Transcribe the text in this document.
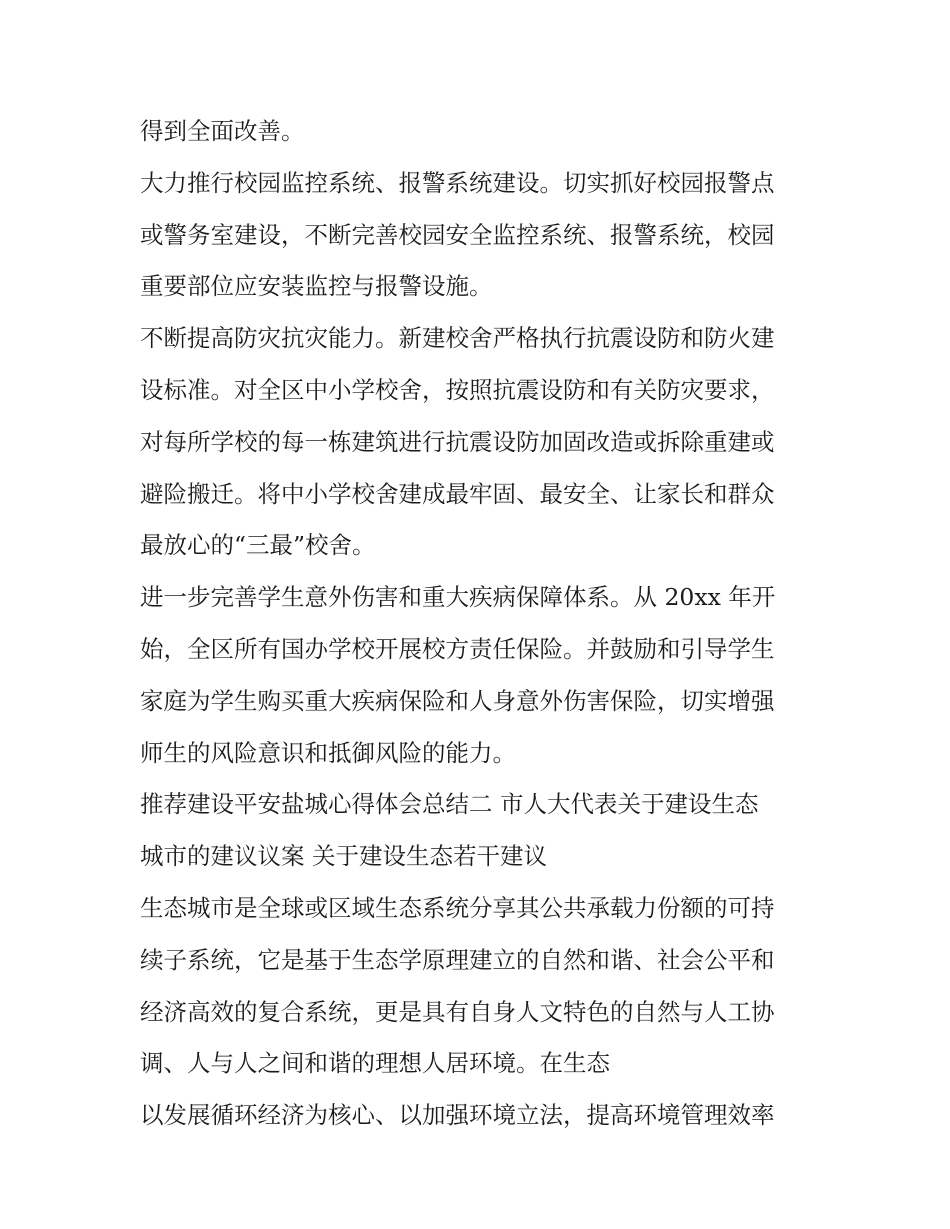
得到全面改善。
大力推行校园监控系统、报警系统建设。切实抓好校园报警点
或警务室建设，不断完善校园安全监控系统、报警系统，校园
重要部位应安装监控与报警设施。
不断提高防灾抗灾能力。新建校舍严格执行抗震设防和防火建
设标准。对全区中小学校舍，按照抗震设防和有关防灾要求，
对每所学校的每一栋建筑进行抗震设防加固改造或拆除重建或
避险搬迁。将中小学校舍建成最牢固、最安全、让家长和群众
最放心的“三最”校舍。
进一步完善学生意外伤害和重大疾病保障体系。从 20xx 年开
始，全区所有国办学校开展校方责任保险。并鼓励和引导学生
家庭为学生购买重大疾病保险和人身意外伤害保险，切实增强
师生的风险意识和抵御风险的能力。
推荐建设平安盐城心得体会总结二 市人大代表关于建设生态
城市的建议议案 关于建设生态若干建议
生态城市是全球或区域生态系统分享其公共承载力份额的可持
续子系统，它是基于生态学原理建立的自然和谐、社会公平和
经济高效的复合系统，更是具有自身人文特色的自然与人工协
调、人与人之间和谐的理想人居环境。在生态
以发展循环经济为核心、以加强环境立法，提高环境管理效率
